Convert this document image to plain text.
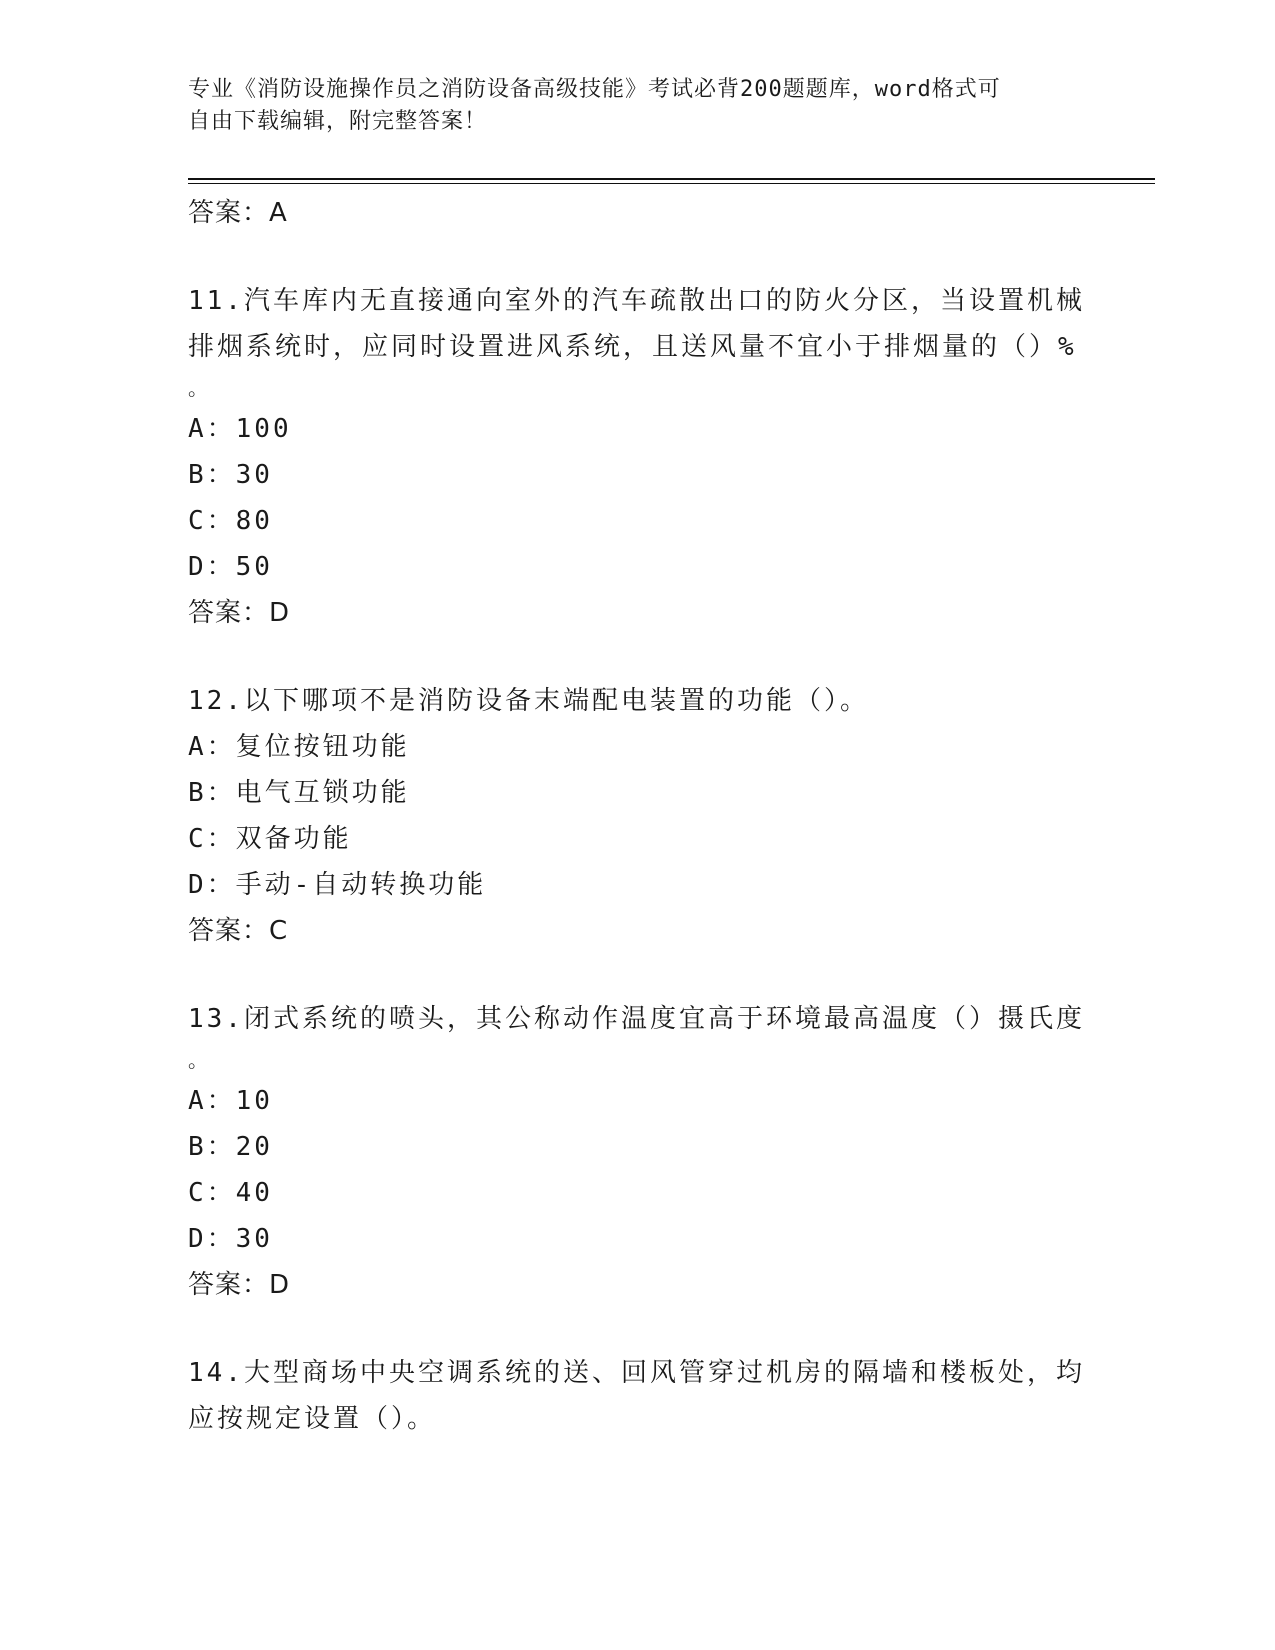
专业《消防设施操作员之消防设备高级技能》考试必背200题题库，word格式可
自由下载编辑，附完整答案！
答案：A
11.汽车库内无直接通向室外的汽车疏散出口的防火分区，当设置机械
排烟系统时，应同时设置进风系统，且送风量不宜小于排烟量的（）%
。
A：100
B：30
C：80
D：50
答案：D
12.以下哪项不是消防设备末端配电装置的功能（）。
A：复位按钮功能
B：电气互锁功能
C：双备功能
D：手动-自动转换功能
答案：C
13.闭式系统的喷头，其公称动作温度宜高于环境最高温度（）摄氏度
。
A：10
B：20
C：40
D：30
答案：D
14.大型商场中央空调系统的送、回风管穿过机房的隔墙和楼板处，均
应按规定设置（）。
